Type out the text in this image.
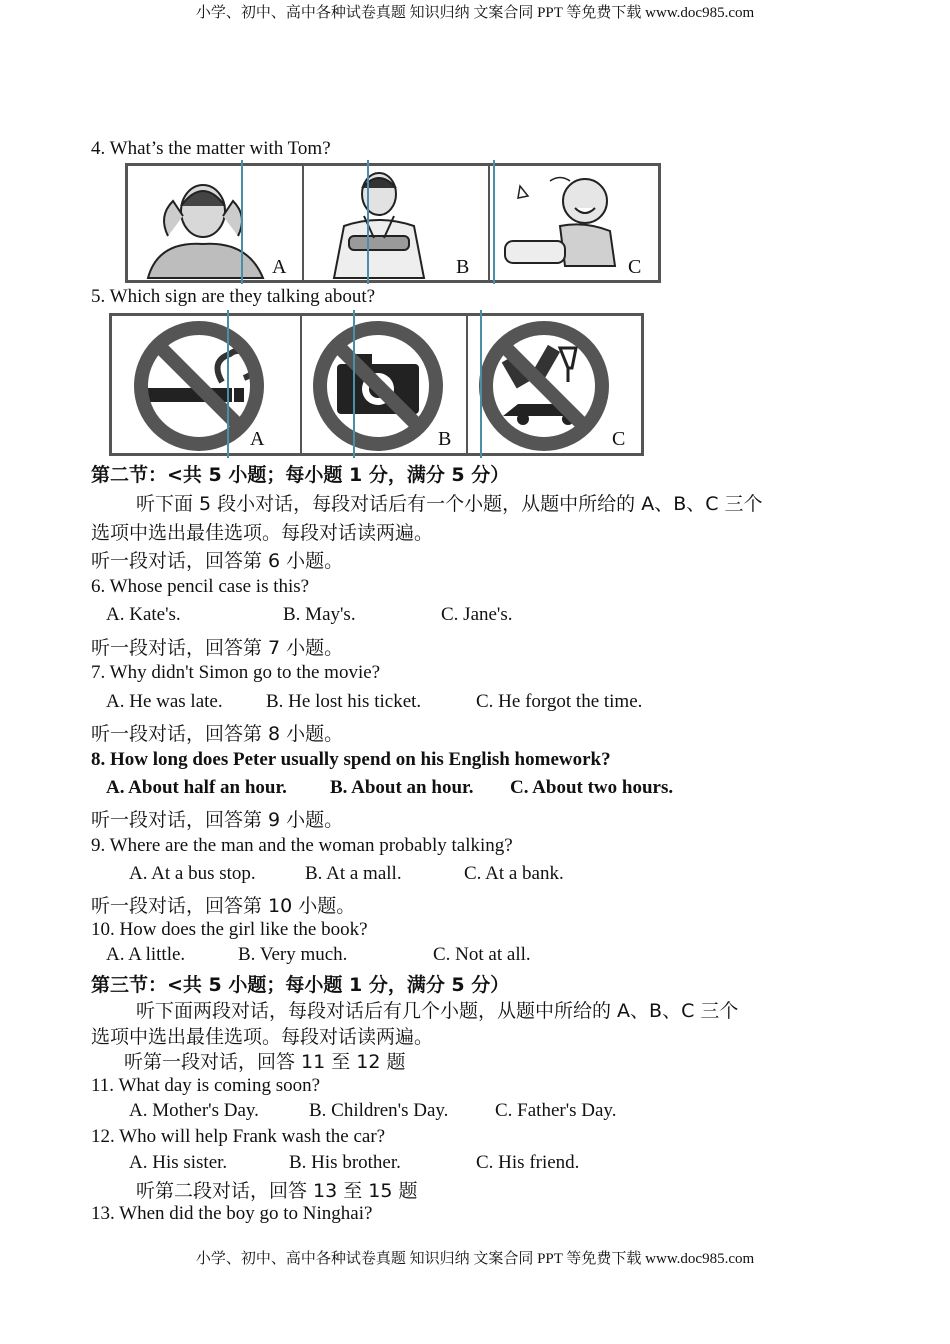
小学、初中、高中各种试卷真题 知识归纳 文案合同 PPT 等免费下载 www.doc985.com
4. What’s the matter with Tom?
A	B	C
5. Which sign are they talking about?
A	B	C
第二节：<共 5 小题；每小题 1 分，满分 5 分）
听下面 5 段小对话，每段对话后有一个小题，从题中所给的 A、B、C 三个
选项中选出最佳选项。每段对话读两遍。
听一段对话，回答第 6 小题。
6. Whose pencil case is this?
A. Kate's.	B. May's.	C. Jane's.
听一段对话，回答第 7 小题。
7. Why didn't Simon go to the movie?
A. He was late. B. He lost his ticket.	C. He forgot the time.
听一段对话，回答第 8 小题。
8. How long does Peter usually spend on his English homework?
A. About half an hour. B. About an hour. C. About two hours.
听一段对话，回答第 9 小题。
9. Where are the man and the woman probably talking?
A. At a bus stop.	B. At a mall.	C. At a bank.
听一段对话，回答第 10 小题。
10. How does the girl like the book?
A. A little.	B. Very much.	C. Not at all.
第三节：<共 5 小题；每小题 1 分，满分 5 分）
听下面两段对话，每段对话后有几个小题，从题中所给的 A、B、C 三个
选项中选出最佳选项。每段对话读两遍。
听第一段对话，回答 11 至 12 题
11. What day is coming soon?
A. Mother's Day.	B. Children's Day. C. Father's Day.
12. Who will help Frank wash the car?
A. His sister.	B. His brother.	C. His friend.
听第二段对话，回答 13 至 15 题
13. When did the boy go to Ninghai?
小学、初中、高中各种试卷真题 知识归纳 文案合同 PPT 等免费下载 www.doc985.com
